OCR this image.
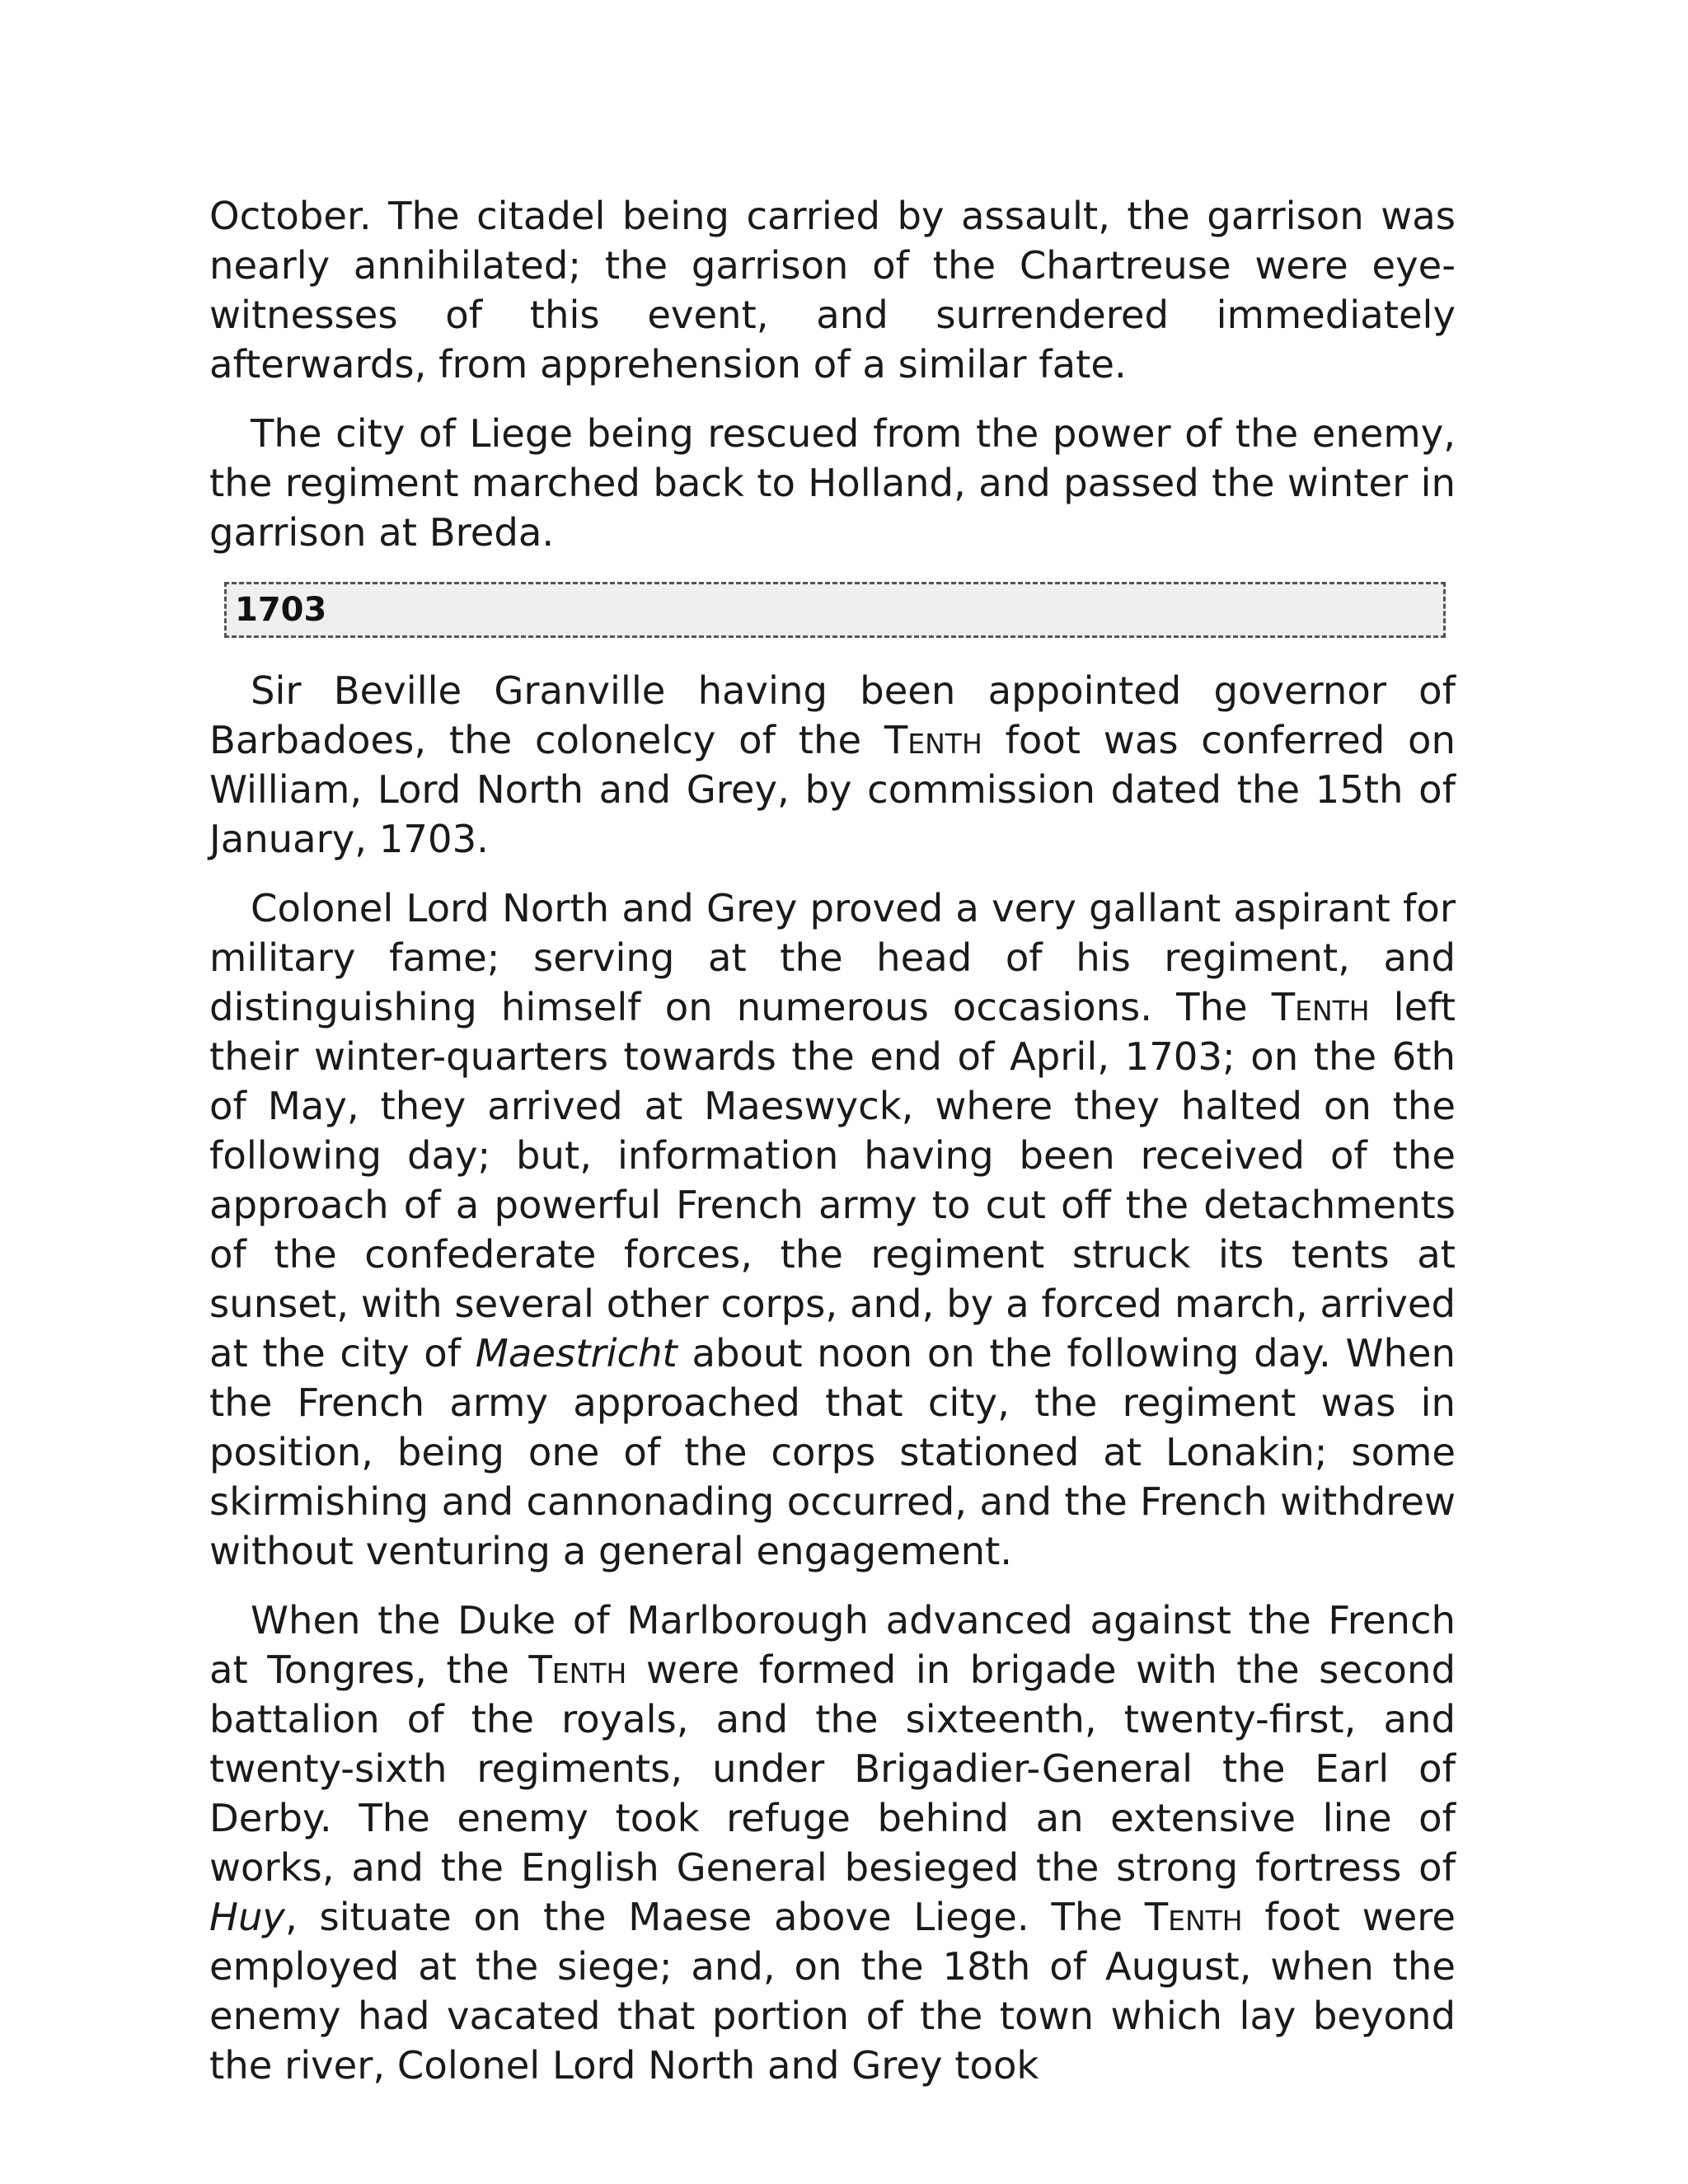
October. The citadel being carried by assault, the garrison was nearly annihilated; the garrison of the Chartreuse were eye-witnesses of this event, and surrendered immediately afterwards, from apprehension of a similar fate.

The city of Liege being rescued from the power of the enemy, the regiment marched back to Holland, and passed the winter in garrison at Breda.

1703

Sir Beville Granville having been appointed governor of Barbadoes, the colonelcy of the Tenth foot was conferred on William, Lord North and Grey, by commission dated the 15th of January, 1703.

Colonel Lord North and Grey proved a very gallant aspirant for military fame; serving at the head of his regiment, and distinguishing himself on numerous occasions. The Tenth left their winter-quarters towards the end of April, 1703; on the 6th of May, they arrived at Maeswyck, where they halted on the following day; but, information having been received of the approach of a powerful French army to cut off the detachments of the confederate forces, the regiment struck its tents at sunset, with several other corps, and, by a forced march, arrived at the city of Maestricht about noon on the following day. When the French army approached that city, the regiment was in position, being one of the corps stationed at Lonakin; some skirmishing and cannonading occurred, and the French withdrew without venturing a general engagement.

When the Duke of Marlborough advanced against the French at Tongres, the Tenth were formed in brigade with the second battalion of the royals, and the sixteenth, twenty-first, and twenty-sixth regiments, under Brigadier-General the Earl of Derby. The enemy took refuge behind an extensive line of works, and the English General besieged the strong fortress of Huy, situate on the Maese above Liege. The Tenth foot were employed at the siege; and, on the 18th of August, when the enemy had vacated that portion of the town which lay beyond the river, Colonel Lord North and Grey took
